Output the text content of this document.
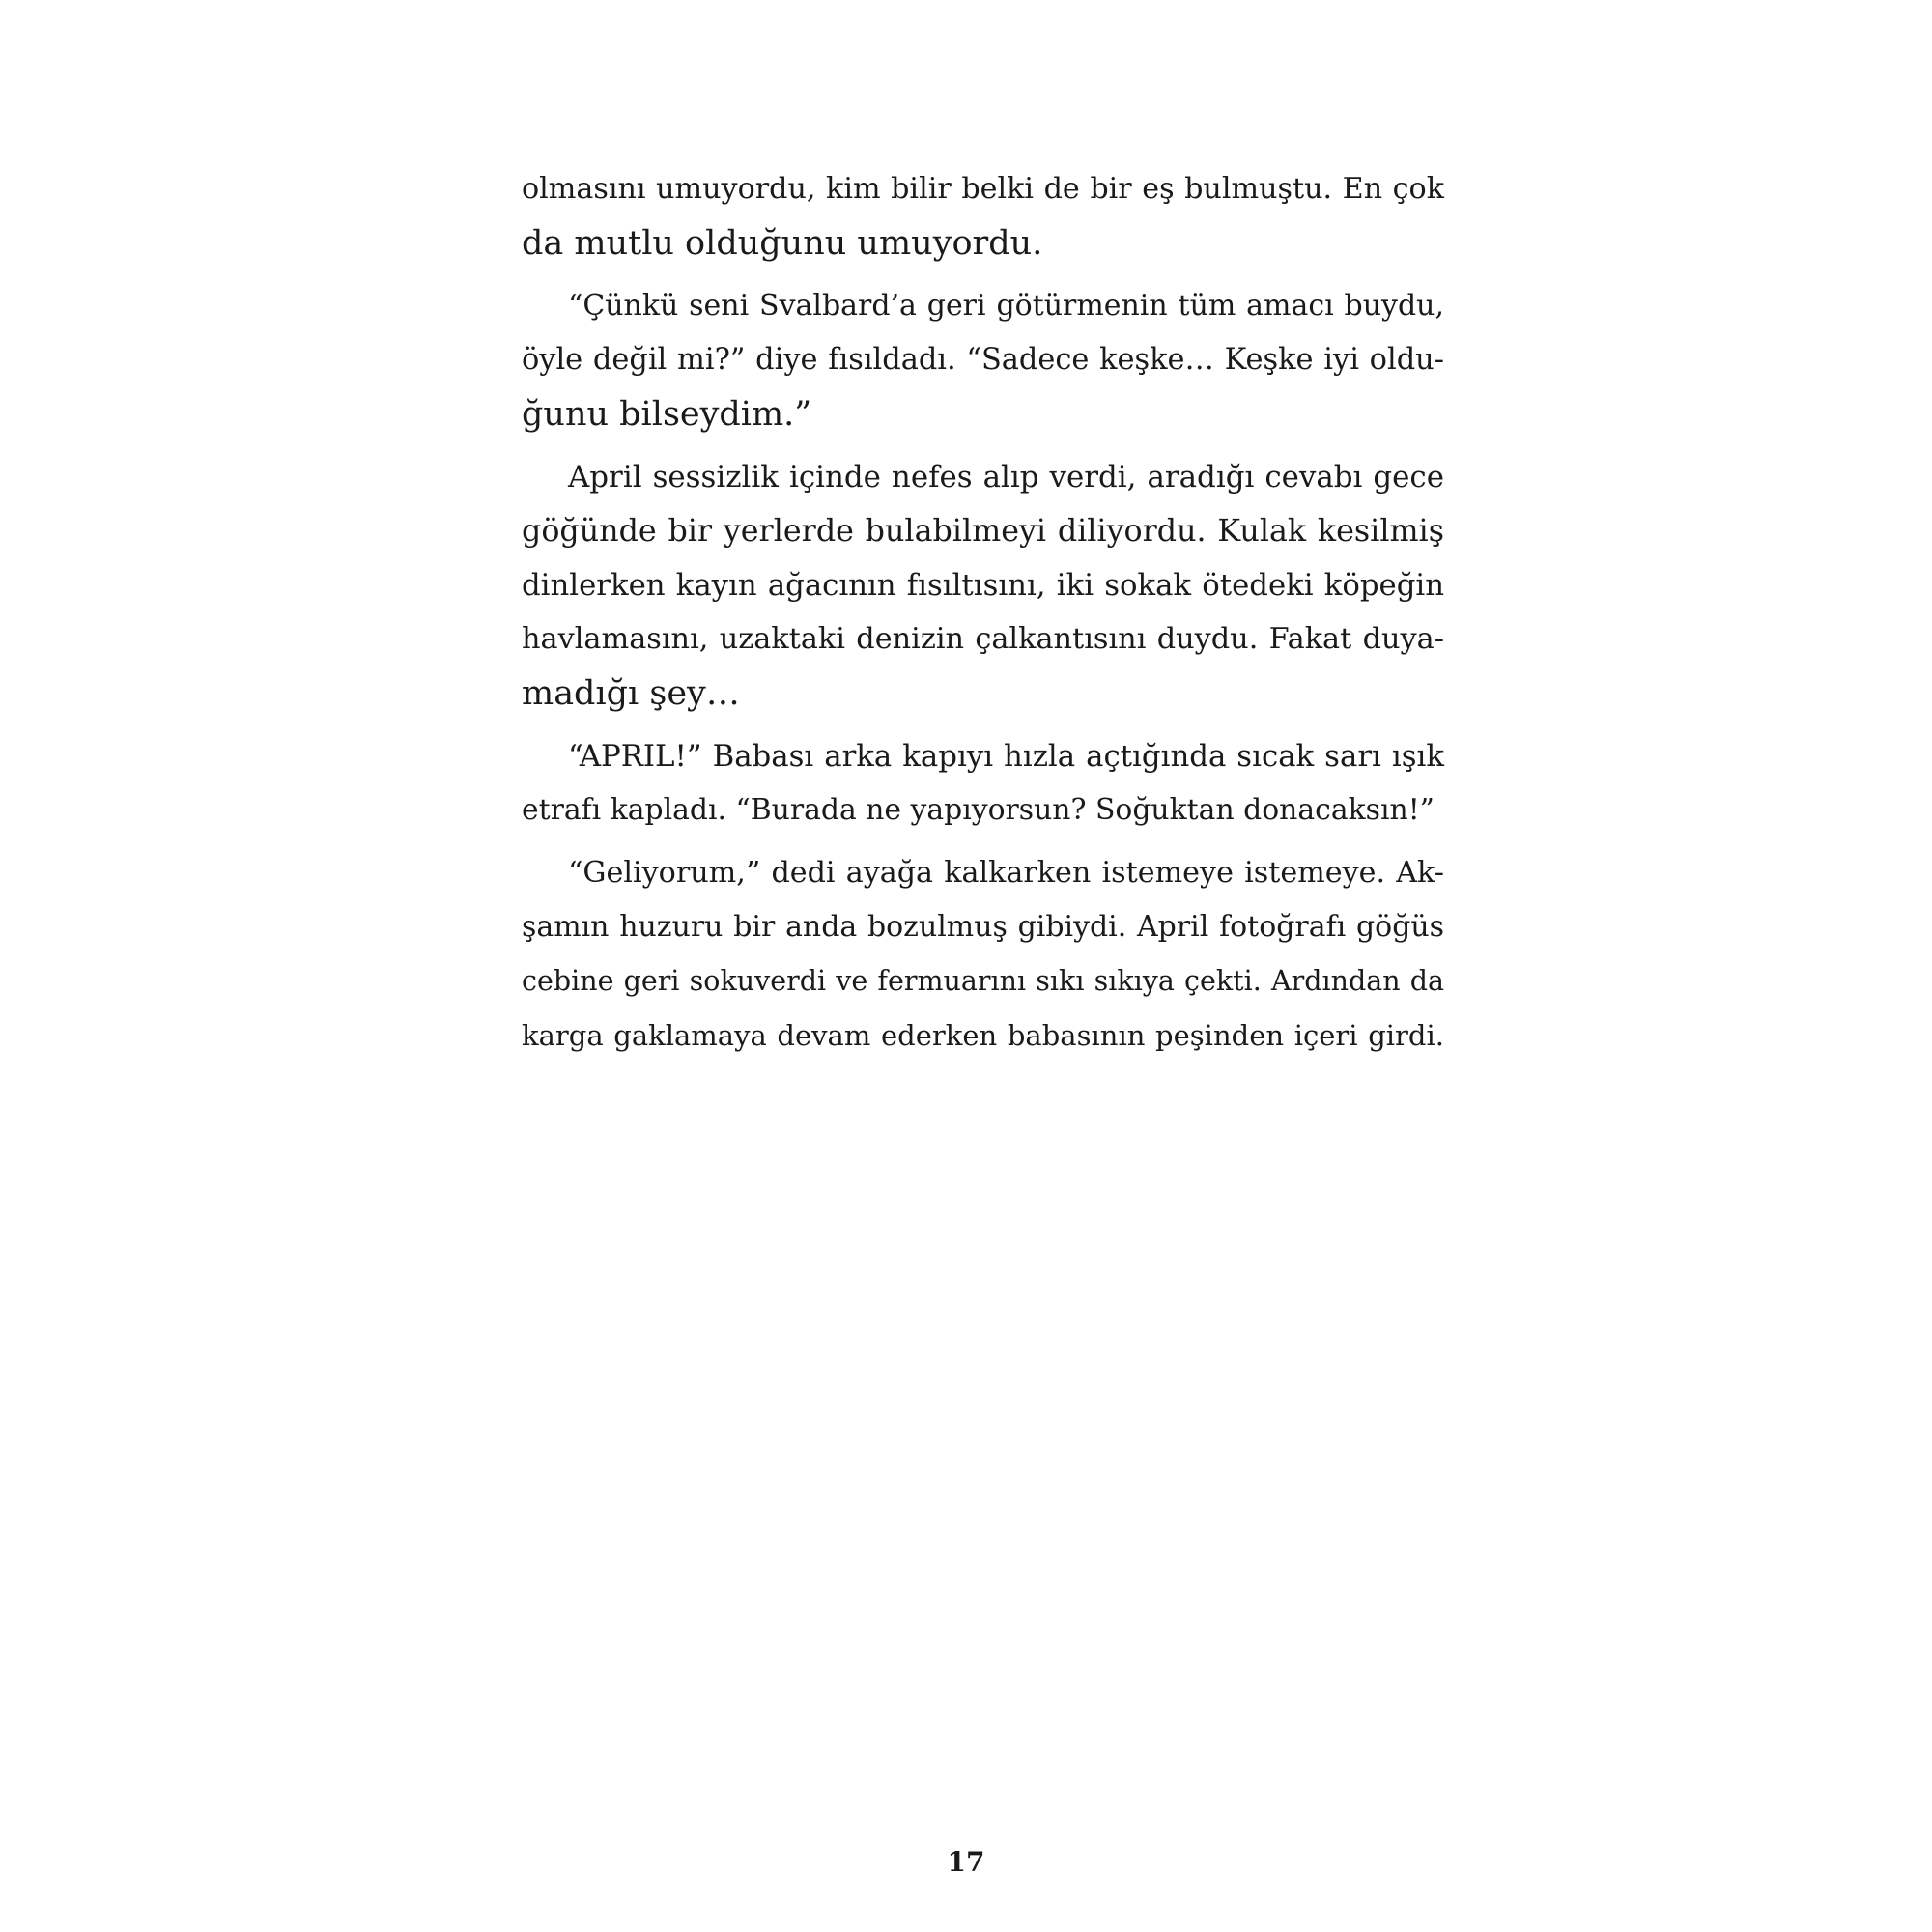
olmasını umuyordu, kim bilir belki de bir eş bulmuştu. En çok
da mutlu olduğunu umuyordu.
“Çünkü seni Svalbard’a geri götürmenin tüm amacı buydu,
öyle değil mi?” diye fısıldadı. “Sadece keşke… Keşke iyi oldu-
ğunu bilseydim.”
April sessizlik içinde nefes alıp verdi, aradığı cevabı gece
göğünde bir yerlerde bulabilmeyi diliyordu. Kulak kesilmiş
dinlerken kayın ağacının fısıltısını, iki sokak ötedeki köpeğin
havlamasını, uzaktaki denizin çalkantısını duydu. Fakat duya-
madığı şey…
“APRIL!” Babası arka kapıyı hızla açtığında sıcak sarı ışık
etrafı kapladı. “Burada ne yapıyorsun? Soğuktan donacaksın!”
“Geliyorum,” dedi ayağa kalkarken istemeye istemeye. Ak-
şamın huzuru bir anda bozulmuş gibiydi. April fotoğrafı göğüs
cebine geri sokuverdi ve fermuarını sıkı sıkıya çekti. Ardından da
karga gaklamaya devam ederken babasının peşinden içeri girdi.
17
